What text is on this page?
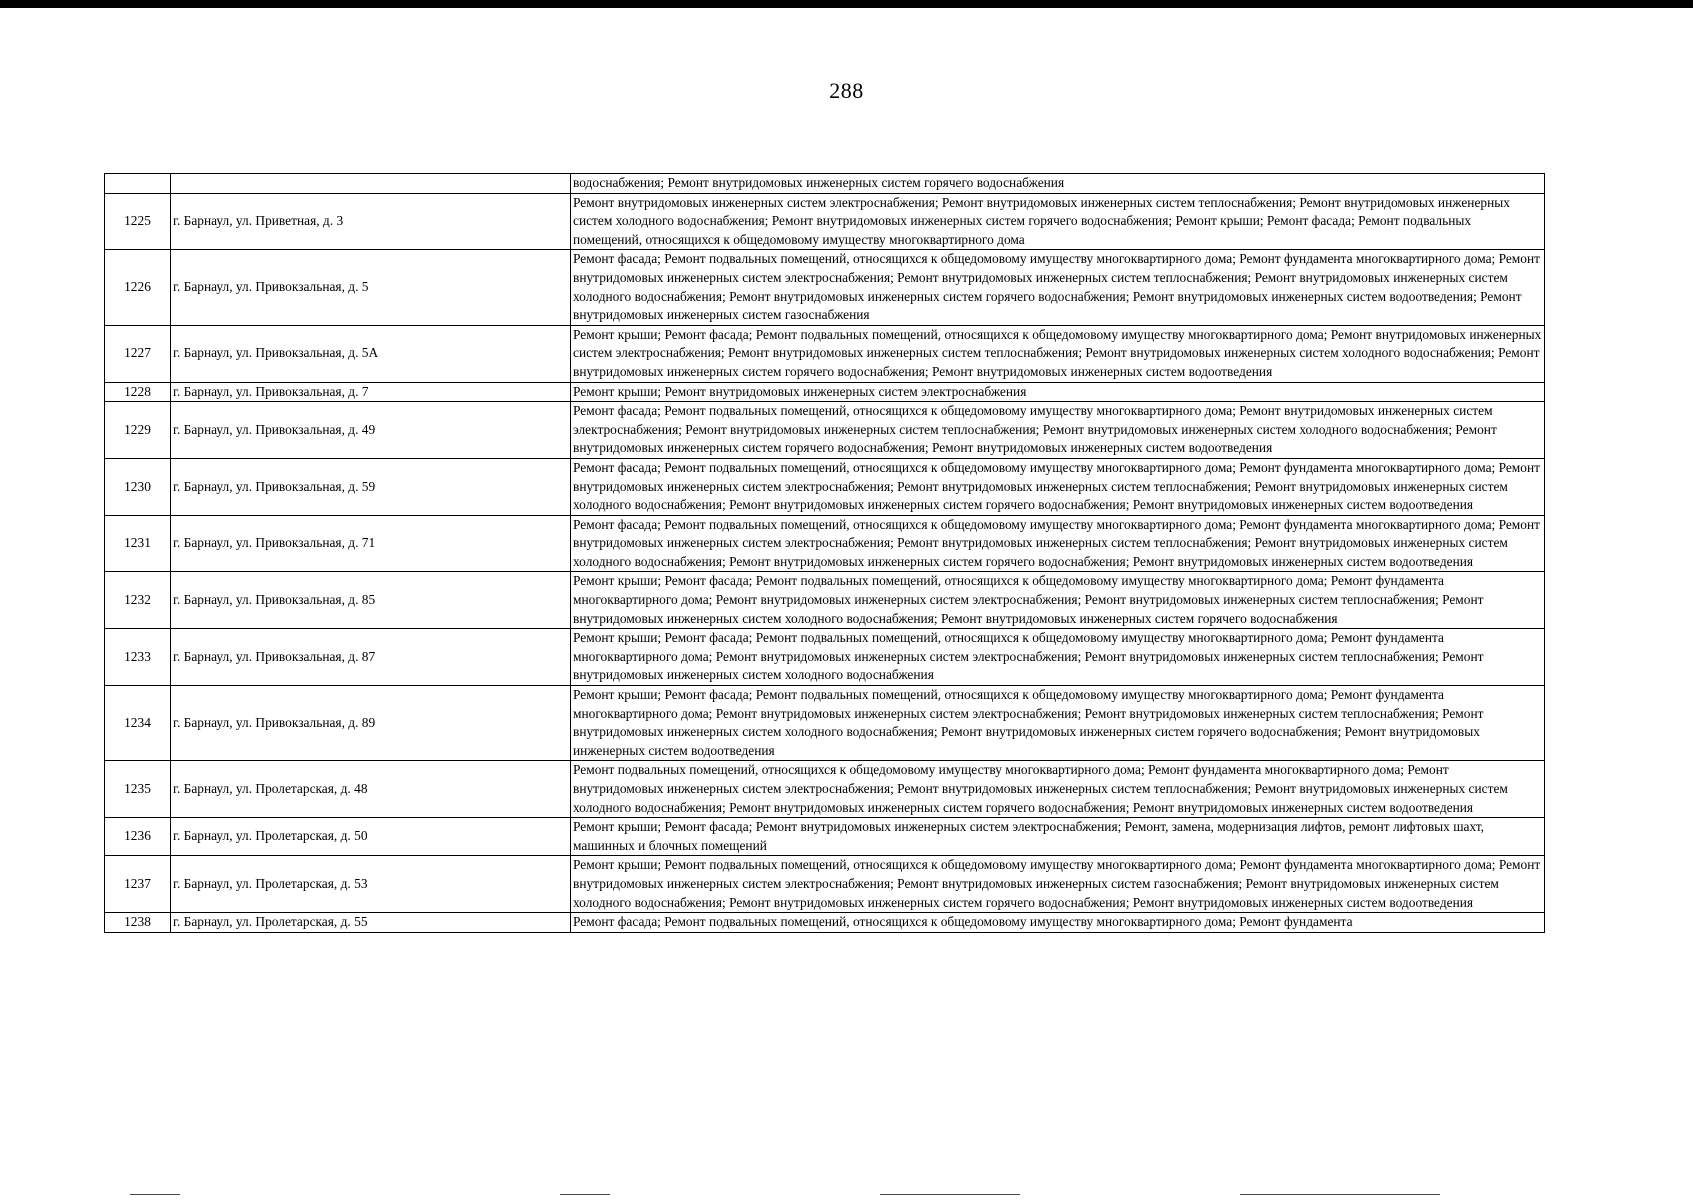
288
		водоснабжения; Ремонт внутридомовых инженерных систем горячего водоснабжения
1225	г. Барнаул, ул. Приветная, д. 3	Ремонт внутридомовых инженерных систем электроснабжения; Ремонт внутридомовых инженерных систем теплоснабжения; Ремонт внутридомовых инженерных систем холодного водоснабжения; Ремонт внутридомовых инженерных систем горячего водоснабжения; Ремонт крыши; Ремонт фасада; Ремонт подвальных помещений, относящихся к общедомовому имуществу многоквартирного дома
1226	г. Барнаул, ул. Привокзальная, д. 5	Ремонт фасада; Ремонт подвальных помещений, относящихся к общедомовому имуществу многоквартирного дома; Ремонт фундамента многоквартирного дома; Ремонт внутридомовых инженерных систем электроснабжения; Ремонт внутридомовых инженерных систем теплоснабжения; Ремонт внутридомовых инженерных систем холодного водоснабжения; Ремонт внутридомовых инженерных систем горячего водоснабжения; Ремонт внутридомовых инженерных систем водоотведения; Ремонт внутридомовых инженерных систем газоснабжения
1227	г. Барнаул, ул. Привокзальная, д. 5А	Ремонт крыши; Ремонт фасада; Ремонт подвальных помещений, относящихся к общедомовому имуществу многоквартирного дома; Ремонт внутридомовых инженерных систем электроснабжения; Ремонт внутридомовых инженерных систем теплоснабжения; Ремонт внутридомовых инженерных систем холодного водоснабжения; Ремонт внутридомовых инженерных систем горячего водоснабжения; Ремонт внутридомовых инженерных систем водоотведения
1228	г. Барнаул, ул. Привокзальная, д. 7	Ремонт крыши; Ремонт внутридомовых инженерных систем электроснабжения
1229	г. Барнаул, ул. Привокзальная, д. 49	Ремонт фасада; Ремонт подвальных помещений, относящихся к общедомовому имуществу многоквартирного дома; Ремонт внутридомовых инженерных систем электроснабжения; Ремонт внутридомовых инженерных систем теплоснабжения; Ремонт внутридомовых инженерных систем холодного водоснабжения; Ремонт внутридомовых инженерных систем горячего водоснабжения; Ремонт внутридомовых инженерных систем водоотведения
1230	г. Барнаул, ул. Привокзальная, д. 59	Ремонт фасада; Ремонт подвальных помещений, относящихся к общедомовому имуществу многоквартирного дома; Ремонт фундамента многоквартирного дома; Ремонт внутридомовых инженерных систем электроснабжения; Ремонт внутридомовых инженерных систем теплоснабжения; Ремонт внутридомовых инженерных систем холодного водоснабжения; Ремонт внутридомовых инженерных систем горячего водоснабжения; Ремонт внутридомовых инженерных систем водоотведения
1231	г. Барнаул, ул. Привокзальная, д. 71	Ремонт фасада; Ремонт подвальных помещений, относящихся к общедомовому имуществу многоквартирного дома; Ремонт фундамента многоквартирного дома; Ремонт внутридомовых инженерных систем электроснабжения; Ремонт внутридомовых инженерных систем теплоснабжения; Ремонт внутридомовых инженерных систем холодного водоснабжения; Ремонт внутридомовых инженерных систем горячего водоснабжения; Ремонт внутридомовых инженерных систем водоотведения
1232	г. Барнаул, ул. Привокзальная, д. 85	Ремонт крыши; Ремонт фасада; Ремонт подвальных помещений, относящихся к общедомовому имуществу многоквартирного дома; Ремонт фундамента многоквартирного дома; Ремонт внутридомовых инженерных систем электроснабжения; Ремонт внутридомовых инженерных систем теплоснабжения; Ремонт внутридомовых инженерных систем холодного водоснабжения; Ремонт внутридомовых инженерных систем горячего водоснабжения
1233	г. Барнаул, ул. Привокзальная, д. 87	Ремонт крыши; Ремонт фасада; Ремонт подвальных помещений, относящихся к общедомовому имуществу многоквартирного дома; Ремонт фундамента многоквартирного дома; Ремонт внутридомовых инженерных систем электроснабжения; Ремонт внутридомовых инженерных систем теплоснабжения; Ремонт внутридомовых инженерных систем холодного водоснабжения
1234	г. Барнаул, ул. Привокзальная, д. 89	Ремонт крыши; Ремонт фасада; Ремонт подвальных помещений, относящихся к общедомовому имуществу многоквартирного дома; Ремонт фундамента многоквартирного дома; Ремонт внутридомовых инженерных систем электроснабжения; Ремонт внутридомовых инженерных систем теплоснабжения; Ремонт внутридомовых инженерных систем холодного водоснабжения; Ремонт внутридомовых инженерных систем горячего водоснабжения; Ремонт внутридомовых инженерных систем водоотведения
1235	г. Барнаул, ул. Пролетарская, д. 48	Ремонт подвальных помещений, относящихся к общедомовому имуществу многоквартирного дома; Ремонт фундамента многоквартирного дома; Ремонт внутридомовых инженерных систем электроснабжения; Ремонт внутридомовых инженерных систем теплоснабжения; Ремонт внутридомовых инженерных систем холодного водоснабжения; Ремонт внутридомовых инженерных систем горячего водоснабжения; Ремонт внутридомовых инженерных систем водоотведения
1236	г. Барнаул, ул. Пролетарская, д. 50	Ремонт крыши; Ремонт фасада; Ремонт внутридомовых инженерных систем электроснабжения; Ремонт, замена, модернизация лифтов, ремонт лифтовых шахт, машинных и блочных помещений
1237	г. Барнаул, ул. Пролетарская, д. 53	Ремонт крыши; Ремонт подвальных помещений, относящихся к общедомовому имуществу многоквартирного дома; Ремонт фундамента многоквартирного дома; Ремонт внутридомовых инженерных систем электроснабжения; Ремонт внутридомовых инженерных систем газоснабжения; Ремонт внутридомовых инженерных систем холодного водоснабжения; Ремонт внутридомовых инженерных систем горячего водоснабжения; Ремонт внутридомовых инженерных систем водоотведения
1238	г. Барнаул, ул. Пролетарская, д. 55	Ремонт фасада; Ремонт подвальных помещений, относящихся к общедомовому имуществу многоквартирного дома; Ремонт фундамента
